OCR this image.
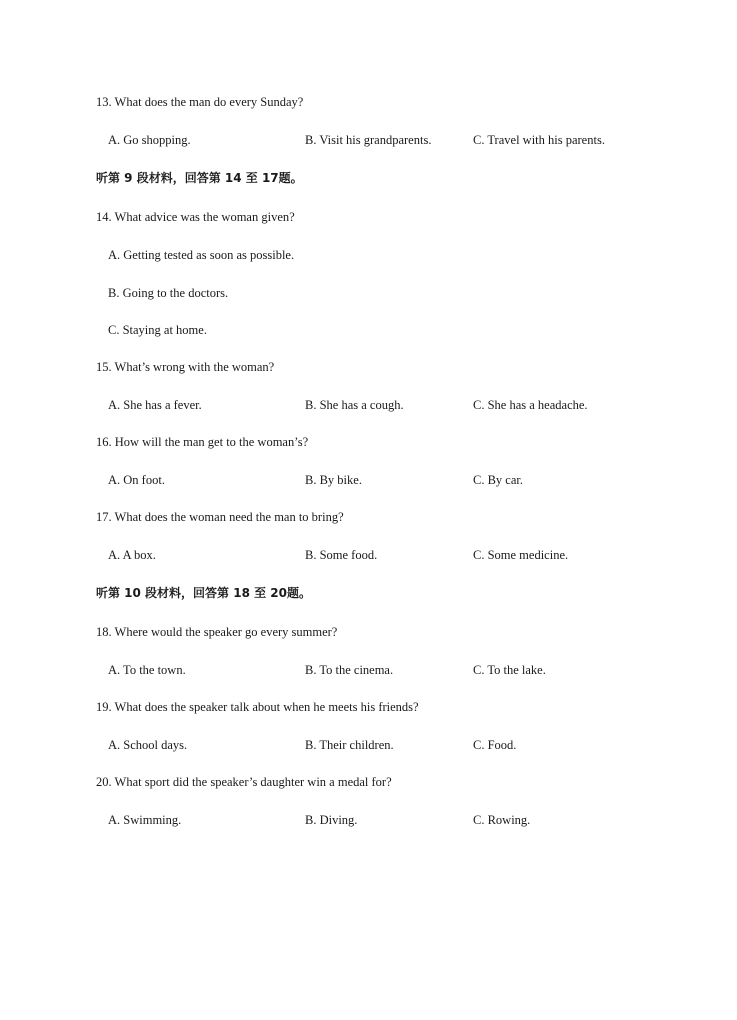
13. What does the man do every Sunday?
A. Go shopping.	B. Visit his grandparents.	C. Travel with his parents.
听第 9 段材料，回答第 14 至 17题。
14. What advice was the woman given?
A. Getting tested as soon as possible.
B. Going to the doctors.
C. Staying at home.
15. What’s wrong with the woman?
A. She has a fever.	B. She has a cough.	C. She has a headache.
16. How will the man get to the woman’s?
A. On foot.	B. By bike.	C. By car.
17. What does the woman need the man to bring?
A. A box.	B. Some food.	C. Some medicine.
听第 10 段材料，回答第 18 至 20题。
18. Where would the speaker go every summer?
A. To the town.	B. To the cinema.	C. To the lake.
19. What does the speaker talk about when he meets his friends?
A. School days.	B. Their children.	C. Food.
20. What sport did the speaker’s daughter win a medal for?
A. Swimming.	B. Diving.	C. Rowing.
